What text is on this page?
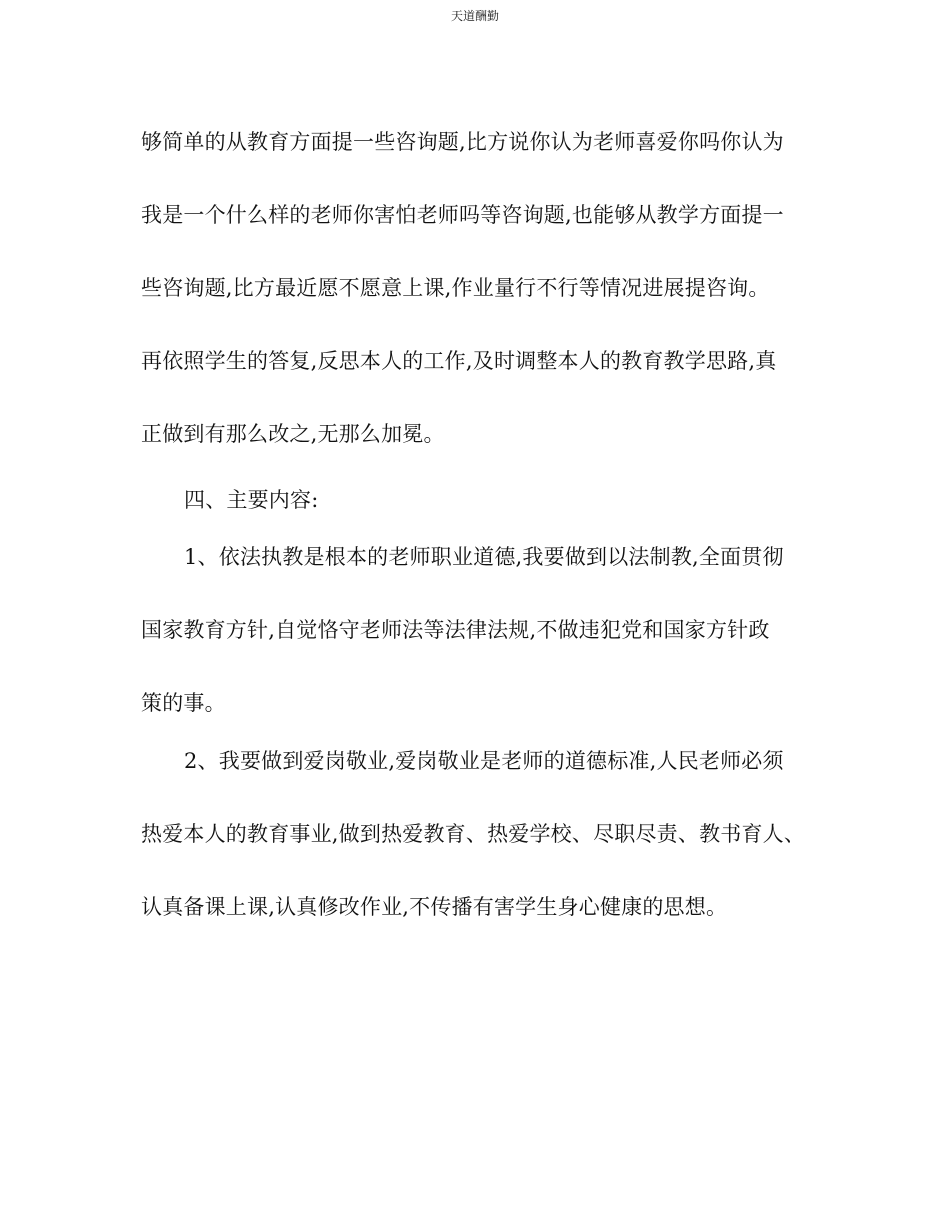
天道酬勤
够简单的从教育方面提一些咨询题,比方说你认为老师喜爱你吗你认为
我是一个什么样的老师你害怕老师吗等咨询题,也能够从教学方面提一
些咨询题,比方最近愿不愿意上课,作业量行不行等情况进展提咨询。
再依照学生的答复,反思本人的工作,及时调整本人的教育教学思路,真
正做到有那么改之,无那么加冕。
四、主要内容:
1、依法执教是根本的老师职业道德,我要做到以法制教,全面贯彻
国家教育方针,自觉恪守老师法等法律法规,不做违犯党和国家方针政
策的事。
2、我要做到爱岗敬业,爱岗敬业是老师的道德标准,人民老师必须
热爱本人的教育事业,做到热爱教育、热爱学校、尽职尽责、教书育人、
认真备课上课,认真修改作业,不传播有害学生身心健康的思想。
